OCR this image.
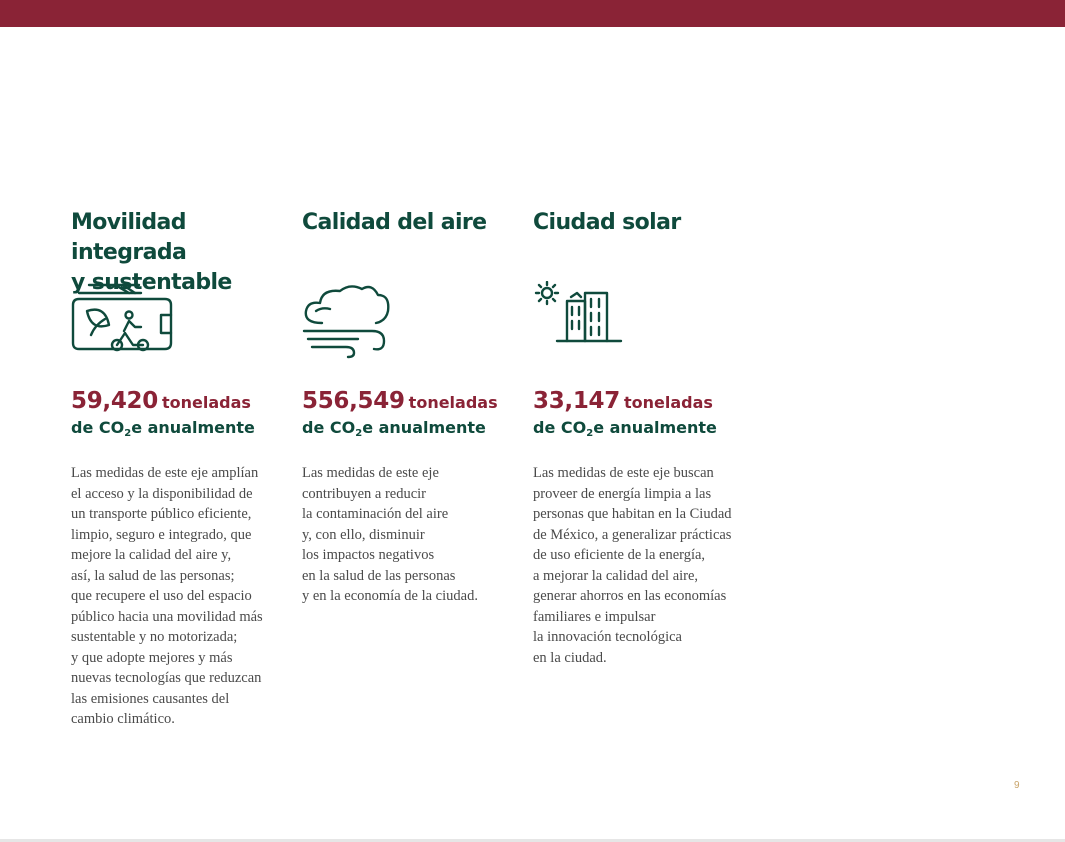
Movilidad integrada
y sustentable
59,420 toneladas
de $CO_2e$ anualmente

Las medidas de este eje amplían
el acceso y la disponibilidad de
un transporte público eficiente,
limpio, seguro e integrado, que
mejore la calidad del aire y,
así, la salud de las personas;
que recupere el uso del espacio
público hacia una movilidad más
sustentable y no motorizada;
y que adopte mejores y más
nuevas tecnologías que reduzcan
las emisiones causantes del
cambio climático.

Calidad del aire
556,549 toneladas
de $CO_2e$ anualmente

Las medidas de este eje
contribuyen a reducir
la contaminación del aire
y, con ello, disminuir
los impactos negativos
en la salud de las personas
y en la economía de la ciudad.

Ciudad solar
33,147 toneladas
de $CO_2e$ anualmente

Las medidas de este eje buscan
proveer de energía limpia a las
personas que habitan en la Ciudad
de México, a generalizar prácticas
de uso eficiente de la energía,
a mejorar la calidad del aire,
generar ahorros en las economías
familiares e impulsar
la innovación tecnológica
en la ciudad.

9
